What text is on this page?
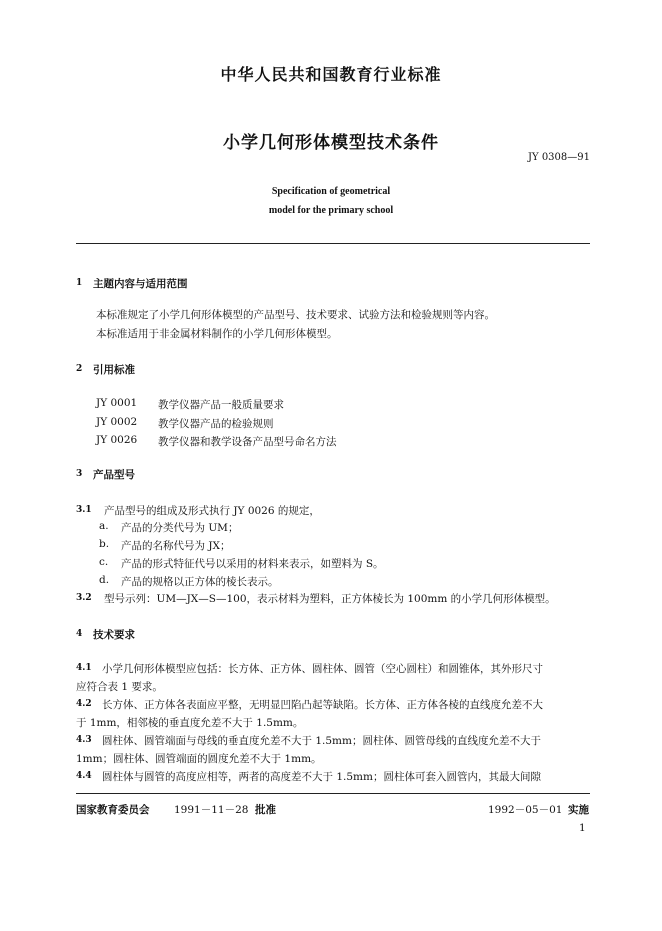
中华人民共和国教育行业标准
小学几何形体模型技术条件
JY 0308—91
Specification of geometrical
model for the primary school
1 主题内容与适用范围
本标准规定了小学几何形体模型的产品型号、技术要求、试验方法和检验规则等内容。
本标准适用于非金属材料制作的小学几何形体模型。
2 引用标准
JY 0001 教学仪器产品一般质量要求
JY 0002 教学仪器产品的检验规则
JY 0026 教学仪器和教学设备产品型号命名方法
3 产品型号
3.1 产品型号的组成及形式执行 JY 0026 的规定，
a. 产品的分类代号为 UM；
b. 产品的名称代号为 JX；
c. 产品的形式特征代号以采用的材料来表示，如塑料为 S。
d. 产品的规格以正方体的棱长表示。
3.2 型号示列：UM—JX—S—100，表示材料为塑料，正方体棱长为 100mm 的小学几何形体模型。
4 技术要求
4.1 小学几何形体模型应包括：长方体、正方体、圆柱体、圆管（空心圆柱）和圆锥体，其外形尺寸
应符合表 1 要求。
4.2 长方体、正方体各表面应平整，无明显凹陷凸起等缺陷。长方体、正方体各棱的直线度允差不大
于 1mm，相邻棱的垂直度允差不大于 1.5mm。
4.3 圆柱体、圆管端面与母线的垂直度允差不大于 1.5mm；圆柱体、圆管母线的直线度允差不大于
1mm；圆柱体、圆管端面的圆度允差不大于 1mm。
4.4 圆柱体与圆管的高度应相等，两者的高度差不大于 1.5mm；圆柱体可套入圆管内，其最大间隙
国家教育委员会 1991－11－28 批准	1992－05－01 实施
1
